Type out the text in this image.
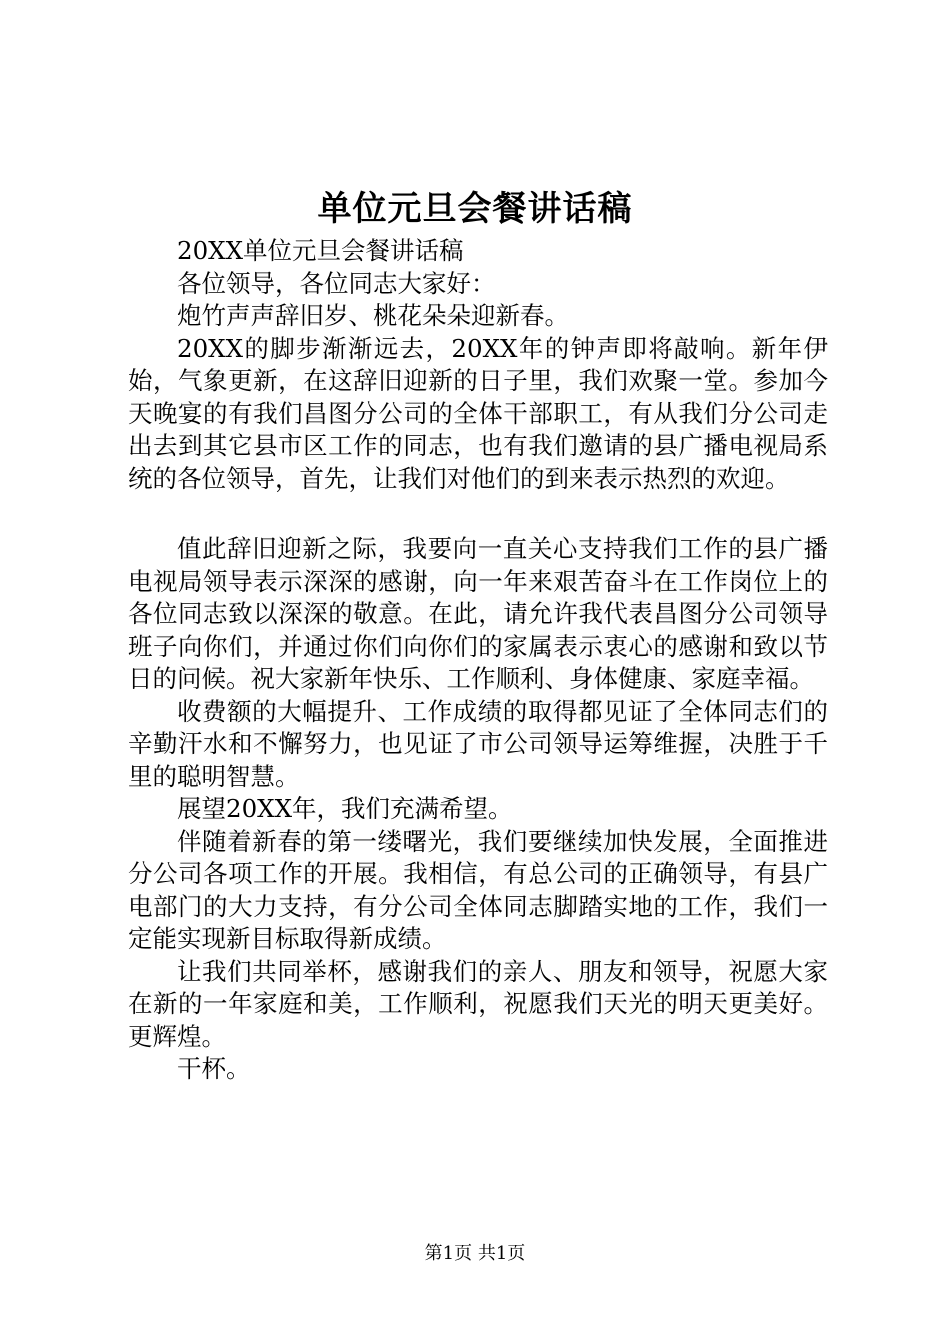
单位元旦会餐讲话稿

20XX单位元旦会餐讲话稿

各位领导，各位同志大家好：

炮竹声声辞旧岁、桃花朵朵迎新春。

20XX的脚步渐渐远去，20XX年的钟声即将敲响。新年伊始，气象更新，在这辞旧迎新的日子里，我们欢聚一堂。参加今天晚宴的有我们昌图分公司的全体干部职工，有从我们分公司走出去到其它县市区工作的同志，也有我们邀请的县广播电视局系统的各位领导，首先，让我们对他们的到来表示热烈的欢迎。

值此辞旧迎新之际，我要向一直关心支持我们工作的县广播电视局领导表示深深的感谢，向一年来艰苦奋斗在工作岗位上的各位同志致以深深的敬意。在此，请允许我代表昌图分公司领导班子向你们，并通过你们向你们的家属表示衷心的感谢和致以节日的问候。祝大家新年快乐、工作顺利、身体健康、家庭幸福。

收费额的大幅提升、工作成绩的取得都见证了全体同志们的辛勤汗水和不懈努力，也见证了市公司领导运筹维握，决胜于千里的聪明智慧。

展望20XX年，我们充满希望。

伴随着新春的第一缕曙光，我们要继续加快发展，全面推进分公司各项工作的开展。我相信，有总公司的正确领导，有县广电部门的大力支持，有分公司全体同志脚踏实地的工作，我们一定能实现新目标取得新成绩。

让我们共同举杯，感谢我们的亲人、朋友和领导，祝愿大家在新的一年家庭和美，工作顺利，祝愿我们天光的明天更美好。更辉煌。

干杯。

第1页 共1页
